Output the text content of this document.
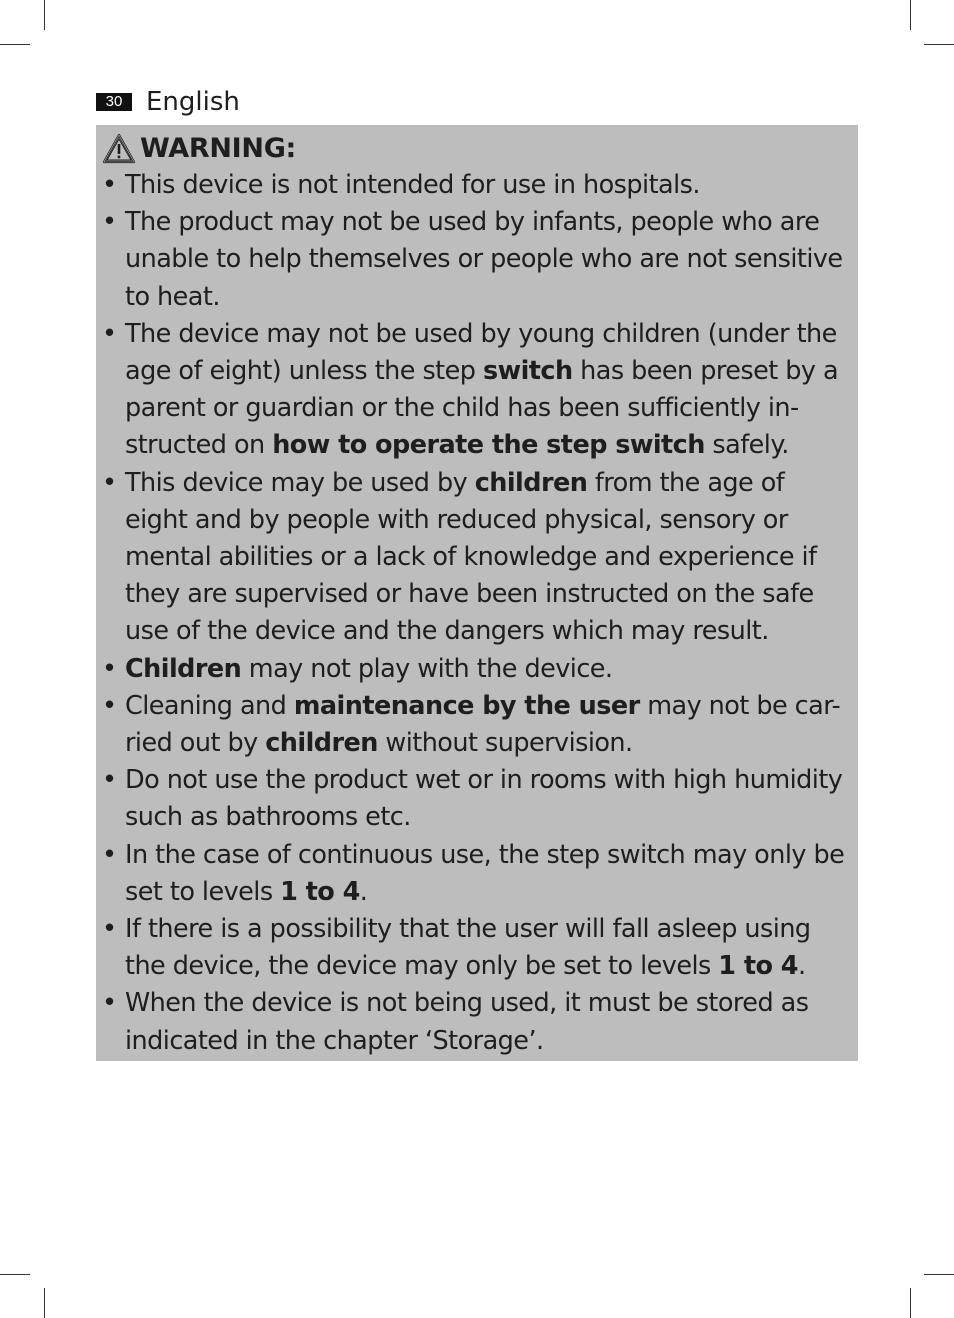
30 English
WARNING:
• This device is not intended for use in hospitals.
• The product may not be used by infants, people who are unable to help themselves or people who are not sensitive to heat.
• The device may not be used by young children (under the age of eight) unless the step switch has been preset by a parent or guardian or the child has been sufficiently in-structed on how to operate the step switch safely.
• This device may be used by children from the age of eight and by people with reduced physical, sensory or mental abilities or a lack of knowledge and experience if they are supervised or have been instructed on the safe use of the device and the dangers which may result.
• Children may not play with the device.
• Cleaning and maintenance by the user may not be car-ried out by children without supervision.
• Do not use the product wet or in rooms with high humidity such as bathrooms etc.
• In the case of continuous use, the step switch may only be set to levels 1 to 4.
• If there is a possibility that the user will fall asleep using the device, the device may only be set to levels 1 to 4.
• When the device is not being used, it must be stored as indicated in the chapter ‘Storage’.
